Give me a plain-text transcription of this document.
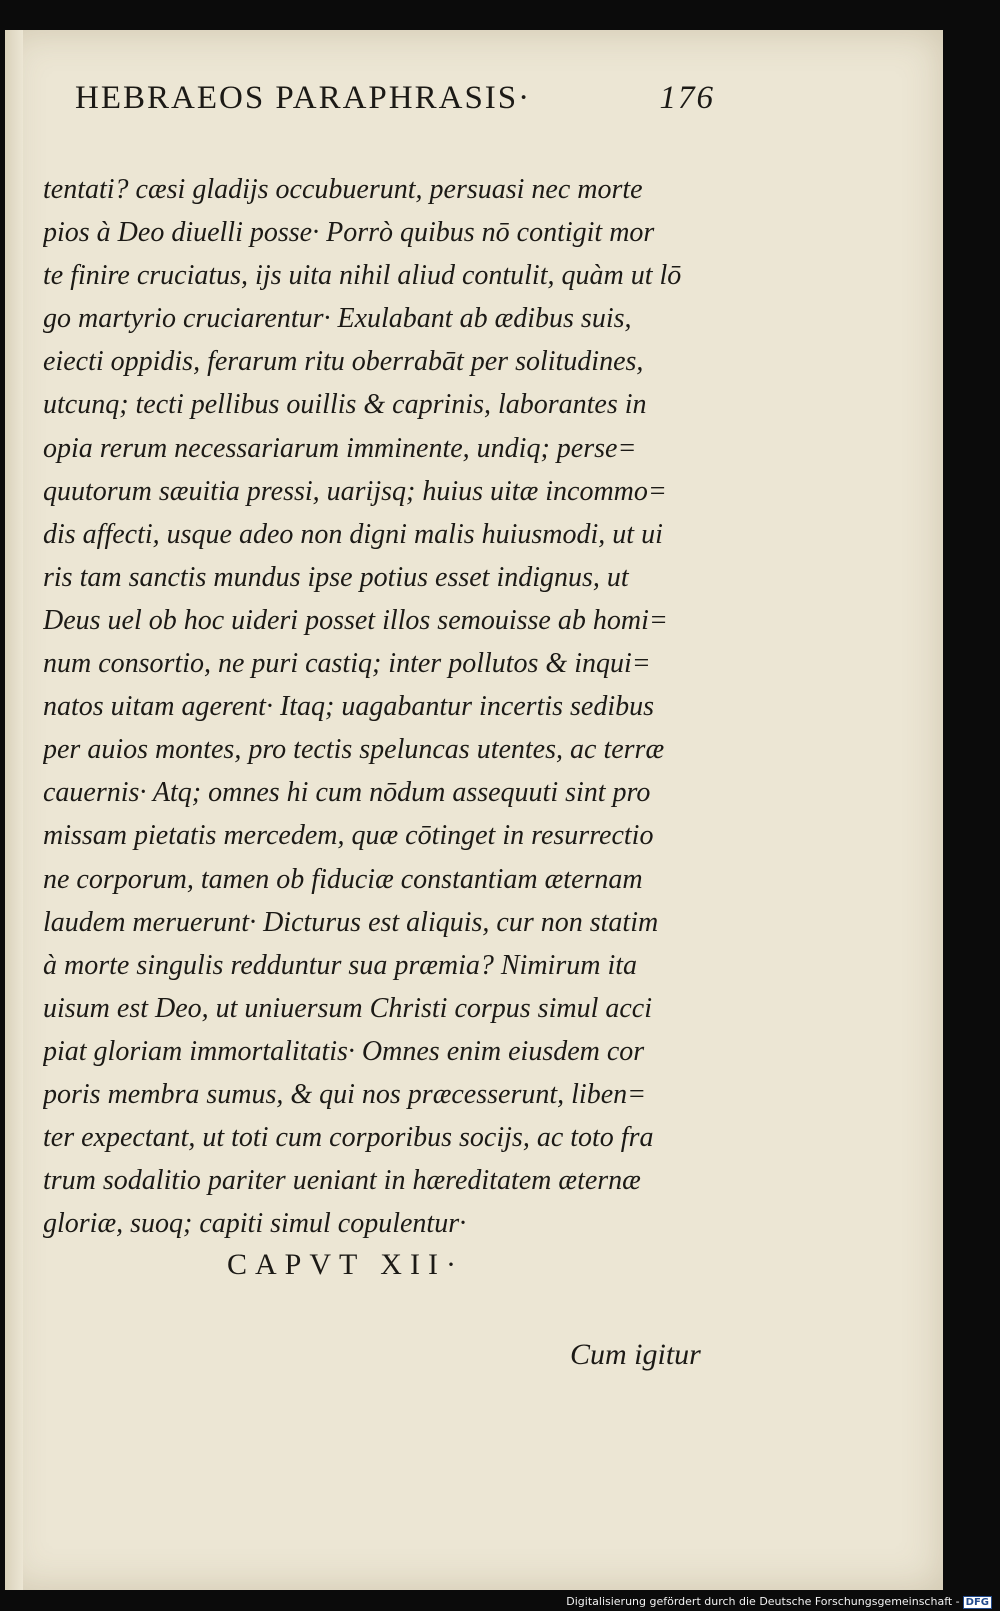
HEBRAEOS PARAPHRASIS·	176
tentati? cæsi gladijs occubuerunt, persuasi nec morte
pios à Deo diuelli posse· Porrò quibus nō contigit mor
te finire cruciatus, ijs uita nihil aliud contulit, quàm ut lō
go martyrio cruciarentur· Exulabant ab ædibus suis,
eiecti oppidis, ferarum ritu oberrabāt per solitudines,
utcunq; tecti pellibus ouillis & caprinis, laborantes in
opia rerum necessariarum imminente, undiq; perse=
quutorum sæuitia pressi, uarijsq; huius uitæ incommo=
dis affecti, usque adeo non digni malis huiusmodi, ut ui
ris tam sanctis mundus ipse potius esset indignus, ut
Deus uel ob hoc uideri posset illos semouisse ab homi=
num consortio, ne puri castiq; inter pollutos & inqui=
natos uitam agerent· Itaq; uagabantur incertis sedibus
per auios montes, pro tectis speluncas utentes, ac terræ
cauernis· Atq; omnes hi cum nōdum assequuti sint pro
missam pietatis mercedem, quæ cōtinget in resurrectio
ne corporum, tamen ob fiduciæ constantiam æternam
laudem meruerunt· Dicturus est aliquis, cur non statim
à morte singulis redduntur sua præmia? Nimirum ita
uisum est Deo, ut uniuersum Christi corpus simul acci
piat gloriam immortalitatis· Omnes enim eiusdem cor
poris membra sumus, & qui nos præcesserunt, liben=
ter expectant, ut toti cum corporibus socijs, ac toto fra
trum sodalitio pariter ueniant in hæreditatem æternæ
gloriæ, suoq; capiti simul copulentur·
CAPVT XII·
Cum igitur
Digitalisierung gefördert durch die Deutsche Forschungsgemeinschaft - DFG
